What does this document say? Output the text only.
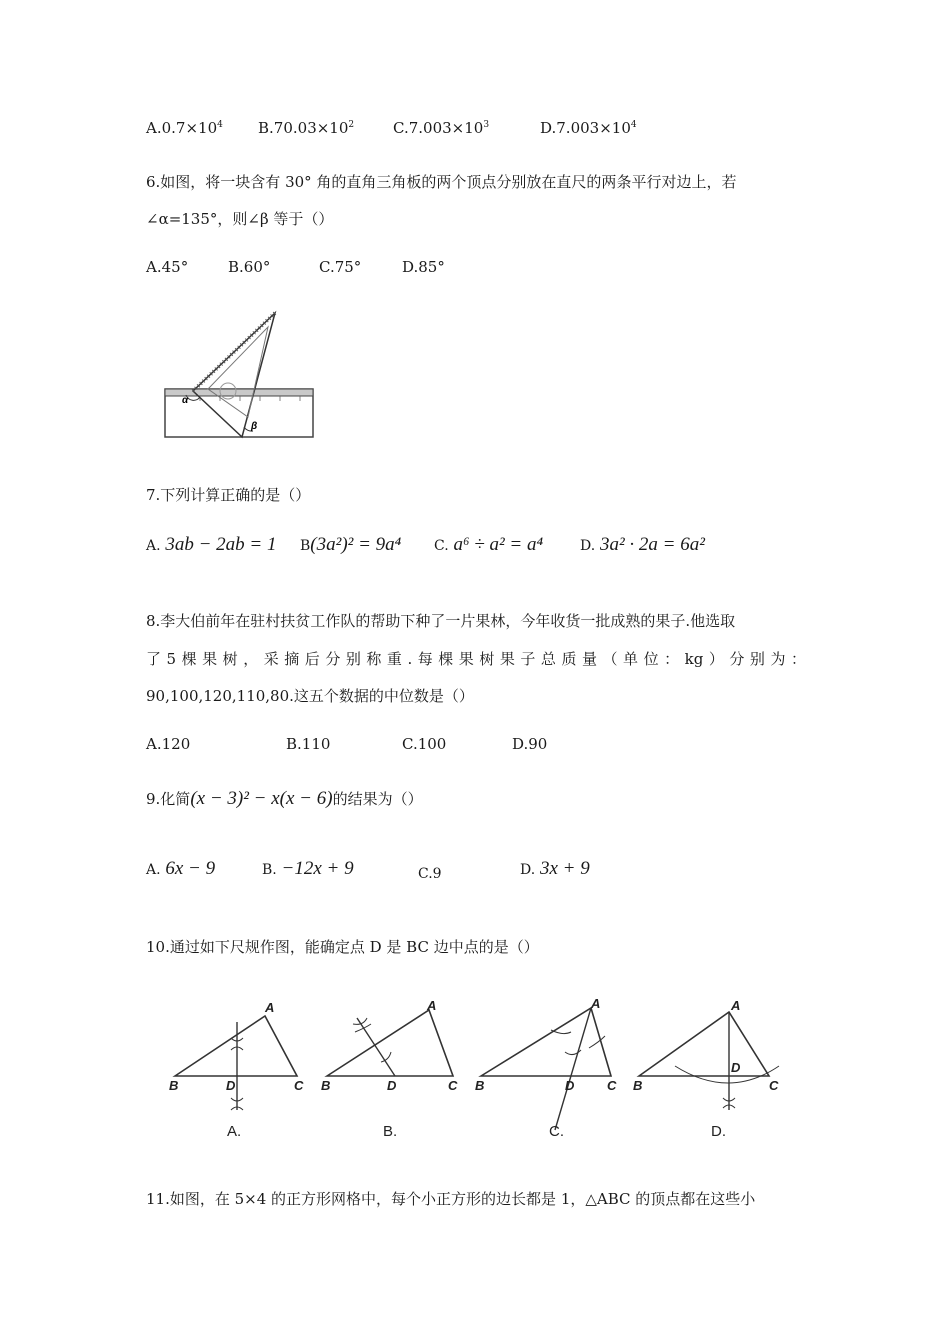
$A.0.7\times 10^4$ $B.70.03\times 10^2$	$C.7.003\times 10^3$	$D.7.003\times 10^4$
6.如图，将一块含有 30° 角的直角三角板的两个顶点分别放在直尺的两条平行对边上，若
∠α=135°，则∠β 等于（）
A.45°	B.60°	C.75°	D.85°
α
β
7.下列计算正确的是（）
A. 3ab − 2ab = 1 B(3a²)² = 9a⁴ C. a⁶ ÷ a² = a⁴	D. 3a² · 2a = 6a²
8.李大伯前年在驻村扶贫工作队的帮助下种了一片果林，今年收货一批成熟的果子.他选取
了5棵果树，采摘后分别称重.每棵果树果子总质量（单位：kg）分别为：
90,100,120,110,80.这五个数据的中位数是（）
A.120	B.110	C.100	D.90
9.化简(x − 3)² − x(x − 6)的结果为（）
A. 6x − 9	B. −12x + 9	C.9	D. 3x + 9
10.通过如下尺规作图，能确定点 D 是 BC 边中点的是（）
A
B	C
D
A.
A
B	C
D
B.
A
B	C
D
C.
A
B	C
D
D.
11.如图，在 5×4 的正方形网格中，每个小正方形的边长都是 1，△ABC 的顶点都在这些小
